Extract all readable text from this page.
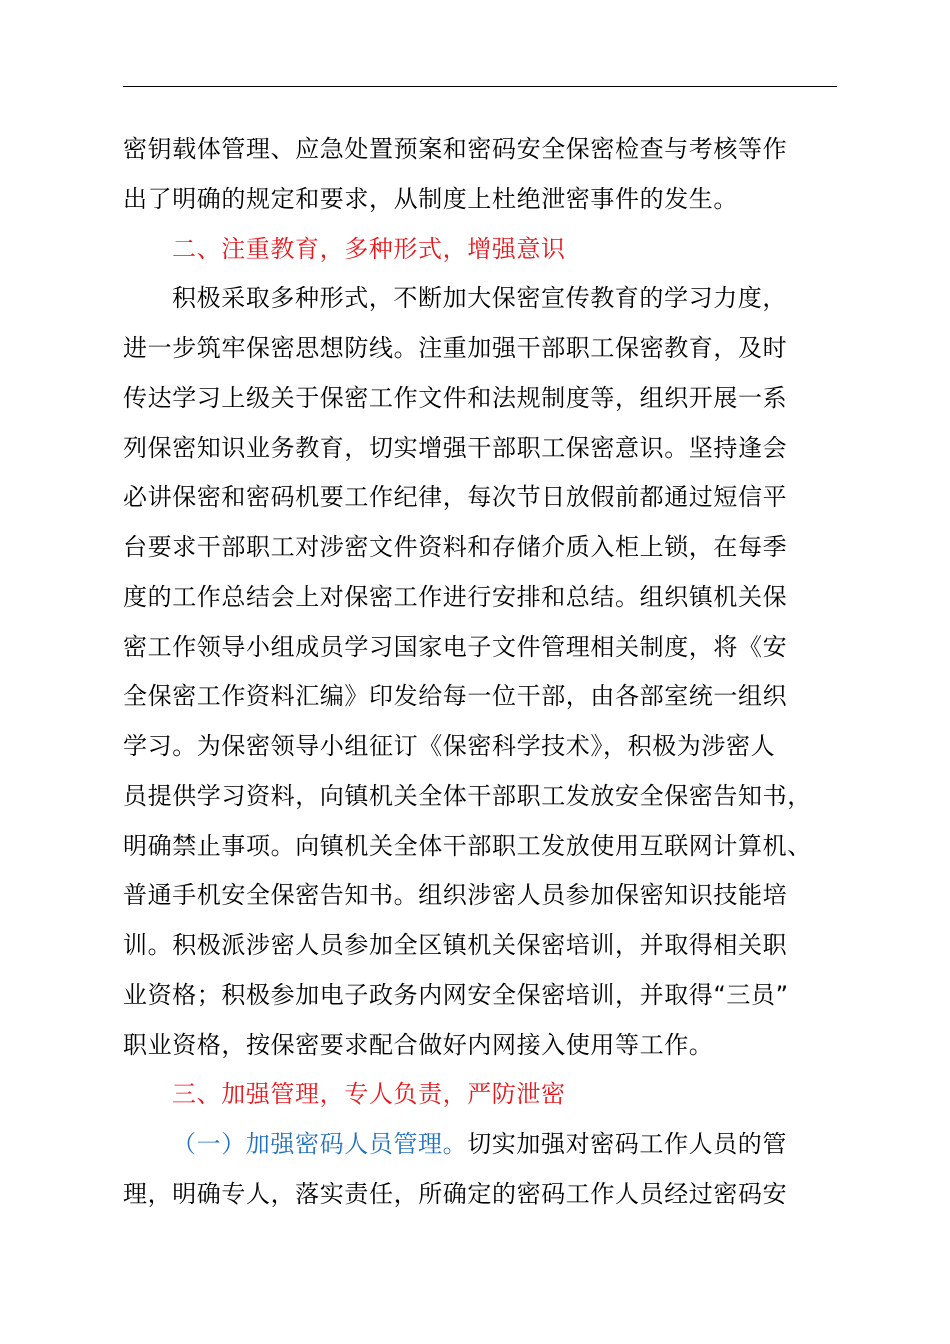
密钥载体管理、应急处置预案和密码安全保密检查与考核等作
出了明确的规定和要求，从制度上杜绝泄密事件的发生。

二、注重教育，多种形式，增强意识

积极采取多种形式，不断加大保密宣传教育的学习力度，
进一步筑牢保密思想防线。注重加强干部职工保密教育，及时
传达学习上级关于保密工作文件和法规制度等，组织开展一系
列保密知识业务教育，切实增强干部职工保密意识。坚持逢会
必讲保密和密码机要工作纪律，每次节日放假前都通过短信平
台要求干部职工对涉密文件资料和存储介质入柜上锁，在每季
度的工作总结会上对保密工作进行安排和总结。组织镇机关保
密工作领导小组成员学习国家电子文件管理相关制度，将《安
全保密工作资料汇编》印发给每一位干部，由各部室统一组织
学习。为保密领导小组征订《保密科学技术》，积极为涉密人
员提供学习资料，向镇机关全体干部职工发放安全保密告知书，
明确禁止事项。向镇机关全体干部职工发放使用互联网计算机、
普通手机安全保密告知书。组织涉密人员参加保密知识技能培
训。积极派涉密人员参加全区镇机关保密培训，并取得相关职
业资格；积极参加电子政务内网安全保密培训，并取得“三员”
职业资格，按保密要求配合做好内网接入使用等工作。

三、加强管理，专人负责，严防泄密

（一）加强密码人员管理。切实加强对密码工作人员的管
理，明确专人，落实责任，所确定的密码工作人员经过密码安
